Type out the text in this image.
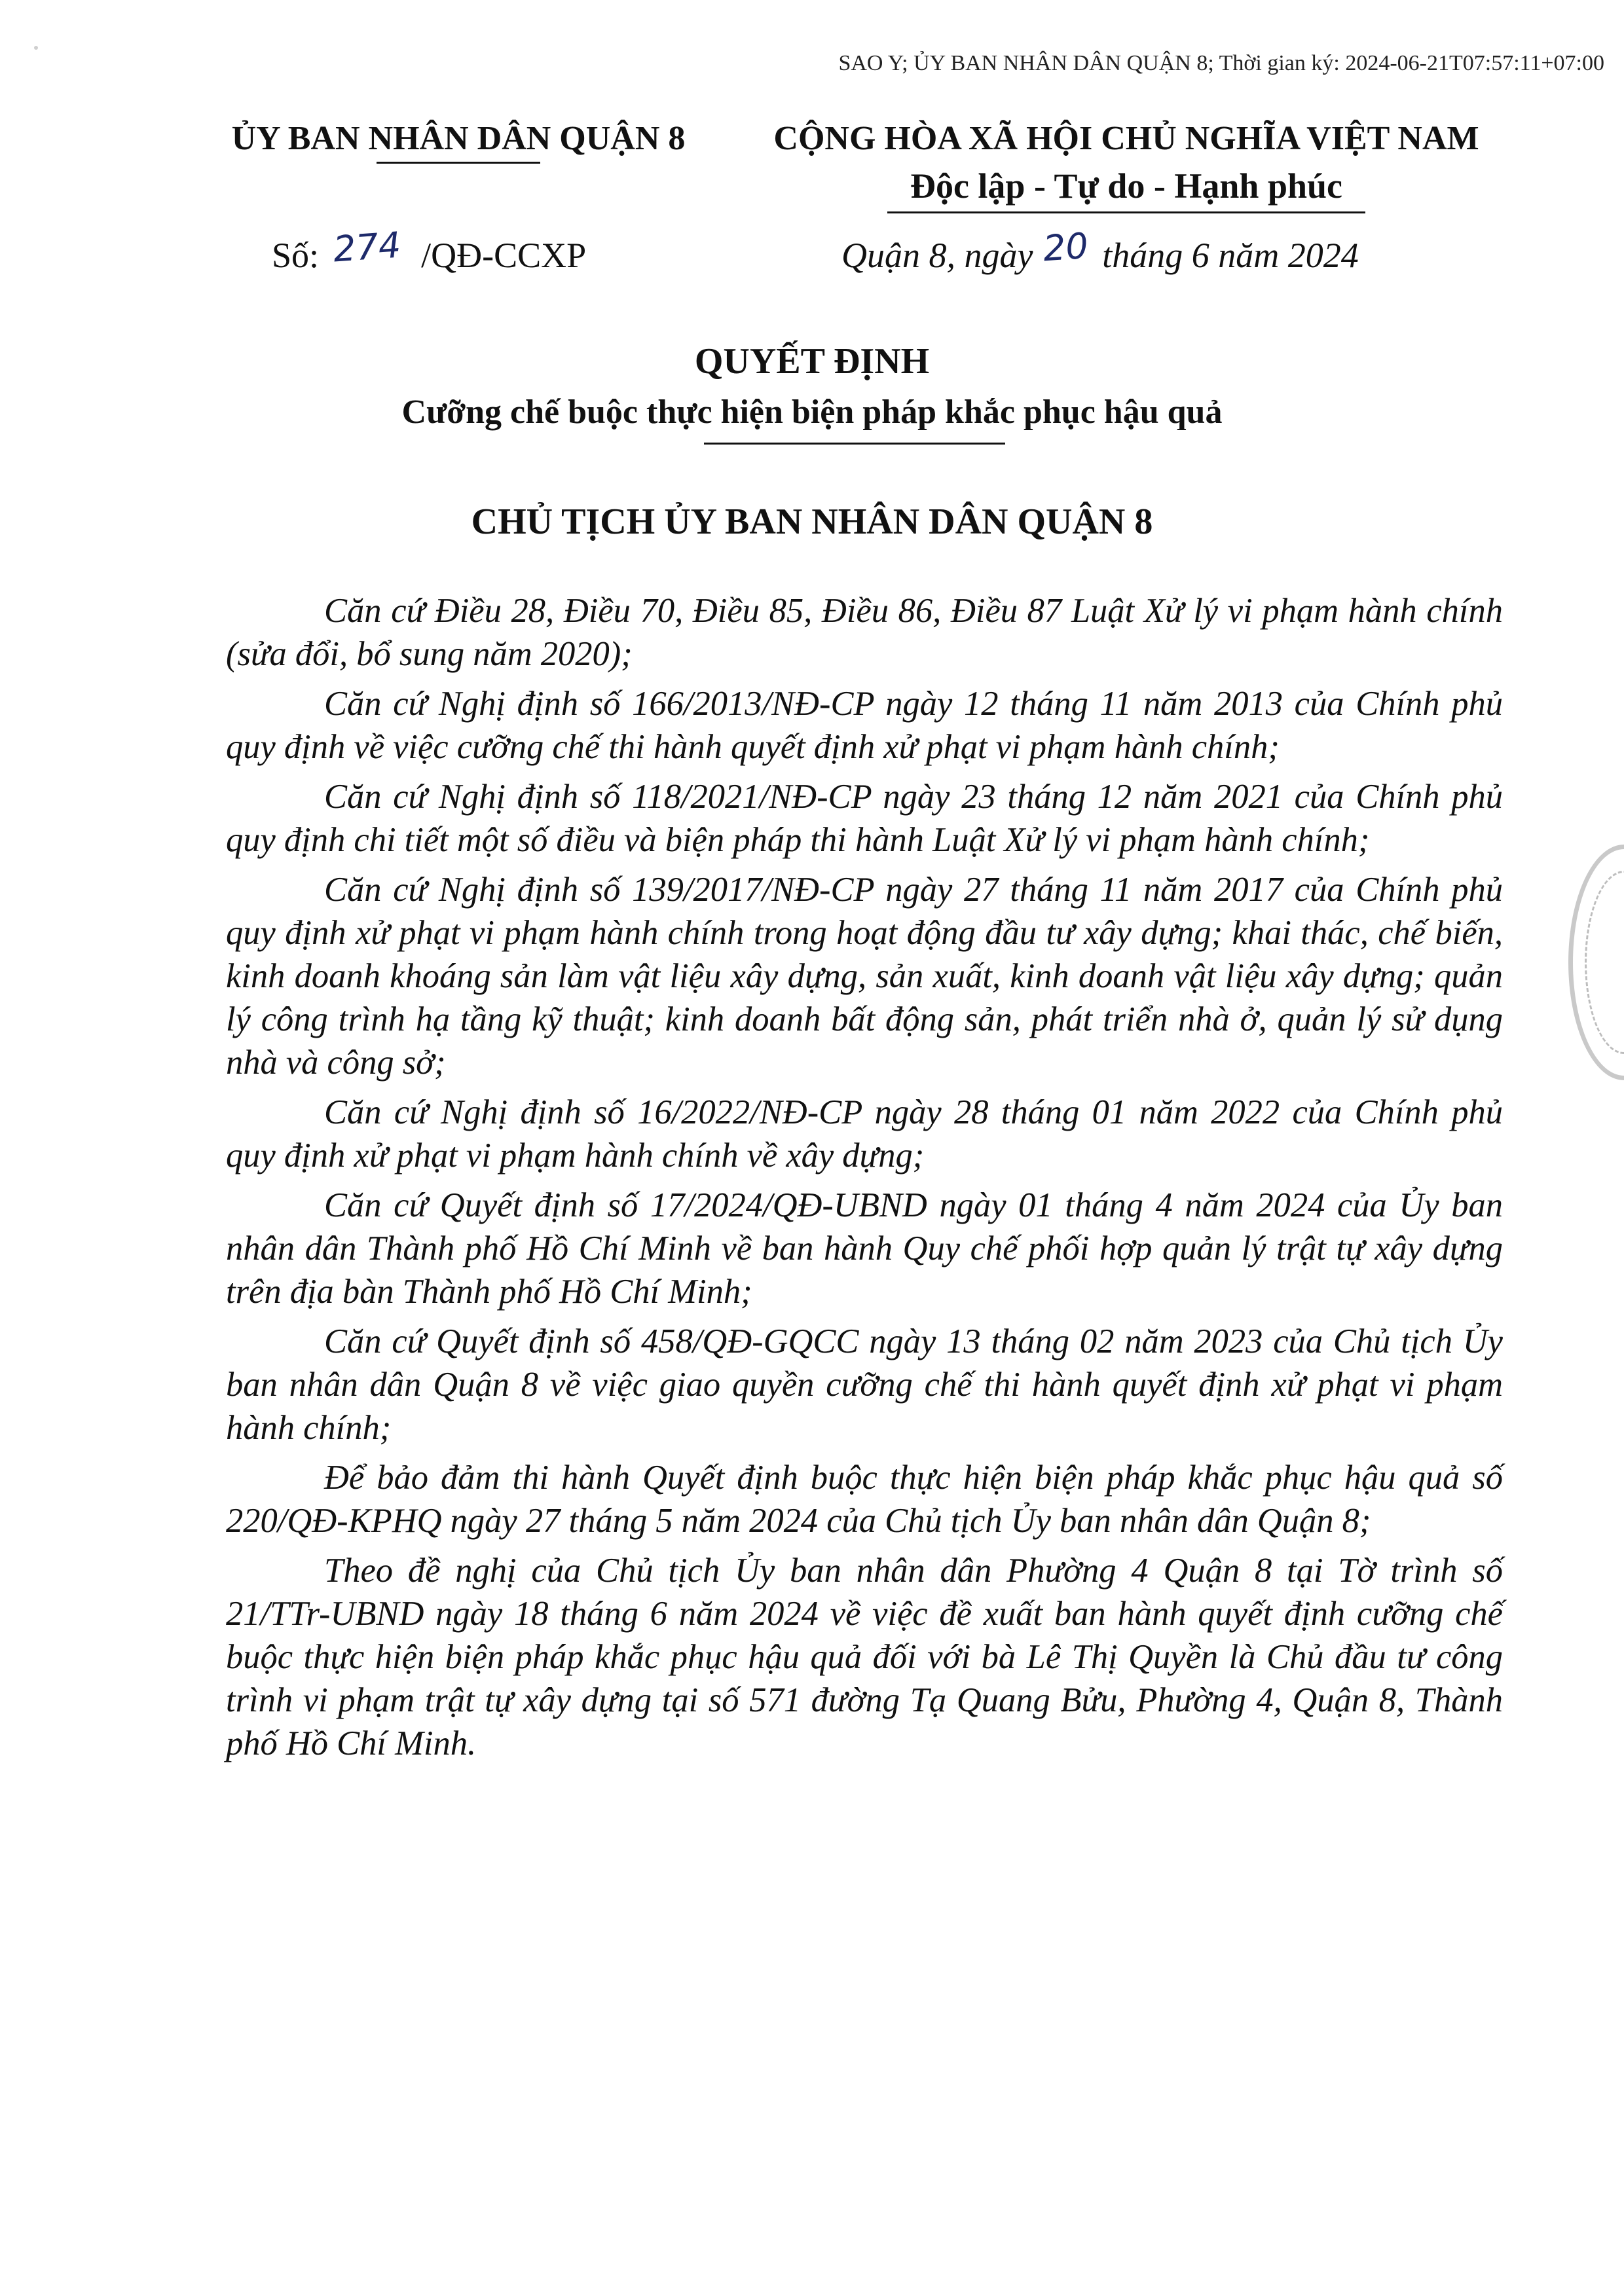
SAO Y; ỦY BAN NHÂN DÂN QUẬN 8; Thời gian ký: 2024-06-21T07:57:11+07:00
ỦY BAN NHÂN DÂN QUẬN 8	CỘNG HÒA XÃ HỘI CHỦ NGHĨA VIỆT NAM
Độc lập - Tự do - Hạnh phúc
Số: 274 /QĐ-CCXP	Quận 8, ngày 20 tháng 6 năm 2024
QUYẾT ĐỊNH
Cưỡng chế buộc thực hiện biện pháp khắc phục hậu quả
CHỦ TỊCH ỦY BAN NHÂN DÂN QUẬN 8

Căn cứ Điều 28, Điều 70, Điều 85, Điều 86, Điều 87 Luật Xử lý vi phạm hành chính (sửa đổi, bổ sung năm 2020);

Căn cứ Nghị định số 166/2013/NĐ-CP ngày 12 tháng 11 năm 2013 của Chính phủ quy định về việc cưỡng chế thi hành quyết định xử phạt vi phạm hành chính;

Căn cứ Nghị định số 118/2021/NĐ-CP ngày 23 tháng 12 năm 2021 của Chính phủ quy định chi tiết một số điều và biện pháp thi hành Luật Xử lý vi phạm hành chính;

Căn cứ Nghị định số 139/2017/NĐ-CP ngày 27 tháng 11 năm 2017 của Chính phủ quy định xử phạt vi phạm hành chính trong hoạt động đầu tư xây dựng; khai thác, chế biến, kinh doanh khoáng sản làm vật liệu xây dựng, sản xuất, kinh doanh vật liệu xây dựng; quản lý công trình hạ tầng kỹ thuật; kinh doanh bất động sản, phát triển nhà ở, quản lý sử dụng nhà và công sở;

Căn cứ Nghị định số 16/2022/NĐ-CP ngày 28 tháng 01 năm 2022 của Chính phủ quy định xử phạt vi phạm hành chính về xây dựng;

Căn cứ Quyết định số 17/2024/QĐ-UBND ngày 01 tháng 4 năm 2024 của Ủy ban nhân dân Thành phố Hồ Chí Minh về ban hành Quy chế phối hợp quản lý trật tự xây dựng trên địa bàn Thành phố Hồ Chí Minh;

Căn cứ Quyết định số 458/QĐ-GQCC ngày 13 tháng 02 năm 2023 của Chủ tịch Ủy ban nhân dân Quận 8 về việc giao quyền cưỡng chế thi hành quyết định xử phạt vi phạm hành chính;

Để bảo đảm thi hành Quyết định buộc thực hiện biện pháp khắc phục hậu quả số 220/QĐ-KPHQ ngày 27 tháng 5 năm 2024 của Chủ tịch Ủy ban nhân dân Quận 8;

Theo đề nghị của Chủ tịch Ủy ban nhân dân Phường 4 Quận 8 tại Tờ trình số 21/TTr-UBND ngày 18 tháng 6 năm 2024 về việc đề xuất ban hành quyết định cưỡng chế buộc thực hiện biện pháp khắc phục hậu quả đối với bà Lê Thị Quyền là Chủ đầu tư công trình vi phạm trật tự xây dựng tại số 571 đường Tạ Quang Bửu, Phường 4, Quận 8, Thành phố Hồ Chí Minh.
